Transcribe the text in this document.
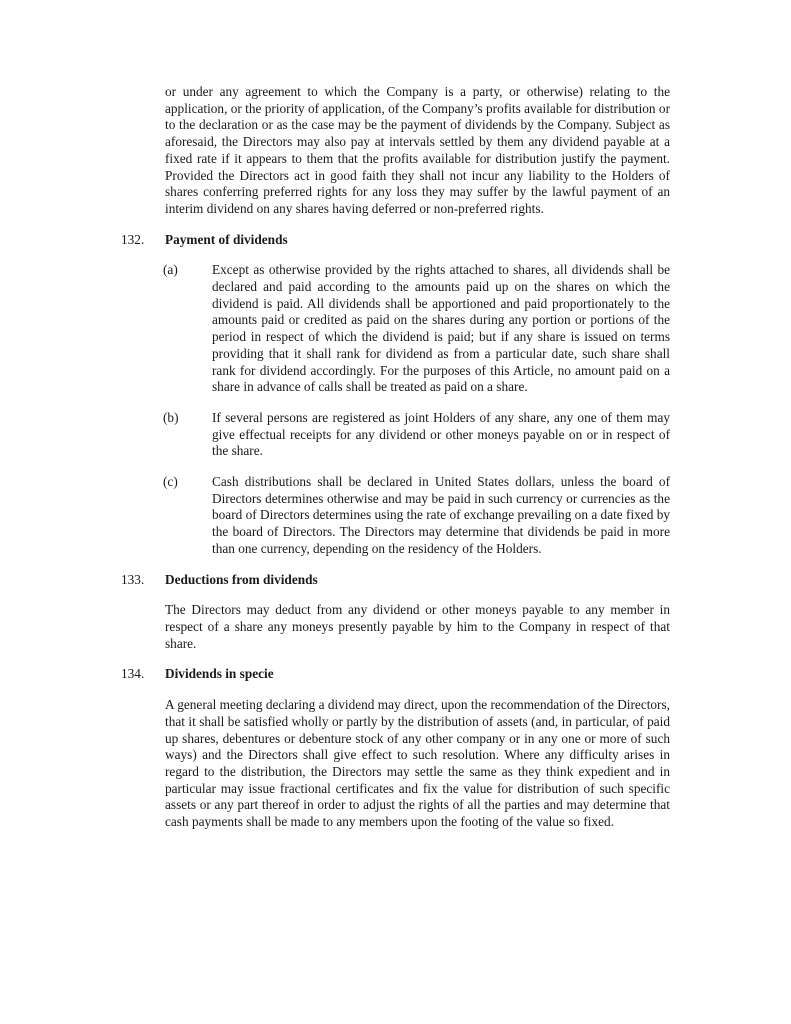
or under any agreement to which the Company is a party, or otherwise) relating to the application, or the priority of application, of the Company’s profits available for distribution or to the declaration or as the case may be the payment of dividends by the Company. Subject as aforesaid, the Directors may also pay at intervals settled by them any dividend payable at a fixed rate if it appears to them that the profits available for distribution justify the payment. Provided the Directors act in good faith they shall not incur any liability to the Holders of shares conferring preferred rights for any loss they may suffer by the lawful payment of an interim dividend on any shares having deferred or non-preferred rights.

132.	Payment of dividends
(a)	Except as otherwise provided by the rights attached to shares, all dividends shall be declared and paid according to the amounts paid up on the shares on which the dividend is paid. All dividends shall be apportioned and paid proportionately to the amounts paid or credited as paid on the shares during any portion or portions of the period in respect of which the dividend is paid; but if any share is issued on terms providing that it shall rank for dividend as from a particular date, such share shall rank for dividend accordingly. For the purposes of this Article, no amount paid on a share in advance of calls shall be treated as paid on a share.

(b)	If several persons are registered as joint Holders of any share, any one of them may give effectual receipts for any dividend or other moneys payable on or in respect of the share.

(c)	Cash distributions shall be declared in United States dollars, unless the board of Directors determines otherwise and may be paid in such currency or currencies as the board of Directors determines using the rate of exchange prevailing on a date fixed by the board of Directors. The Directors may determine that dividends be paid in more than one currency, depending on the residency of the Holders.

133.	Deductions from dividends

The Directors may deduct from any dividend or other moneys payable to any member in respect of a share any moneys presently payable by him to the Company in respect of that share.

134.	Dividends in specie

A general meeting declaring a dividend may direct, upon the recommendation of the Directors, that it shall be satisfied wholly or partly by the distribution of assets (and, in particular, of paid up shares, debentures or debenture stock of any other company or in any one or more of such ways) and the Directors shall give effect to such resolution. Where any difficulty arises in regard to the distribution, the Directors may settle the same as they think expedient and in particular may issue fractional certificates and fix the value for distribution of such specific assets or any part thereof in order to adjust the rights of all the parties and may determine that cash payments shall be made to any members upon the footing of the value so fixed.
